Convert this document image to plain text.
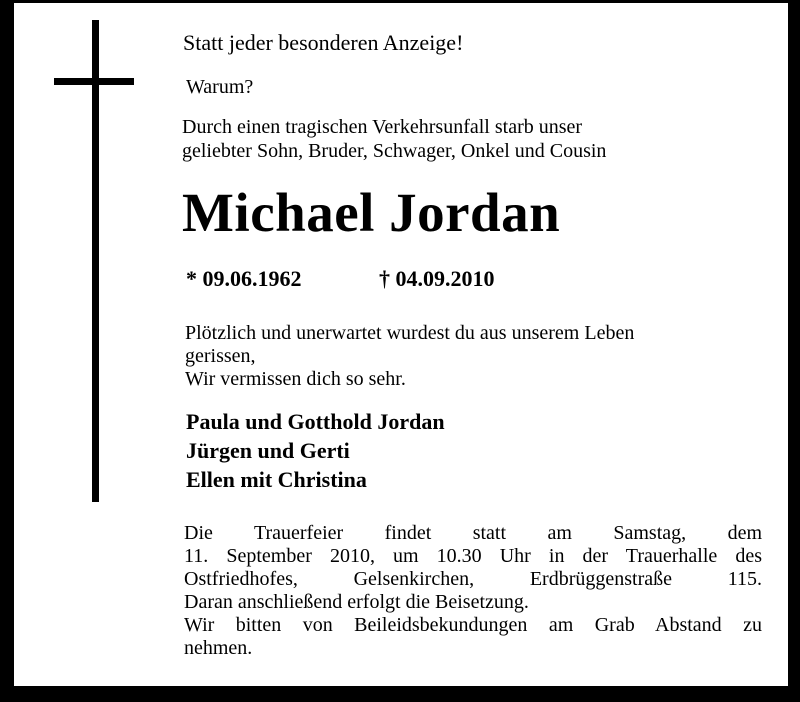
Statt jeder besonderen Anzeige!

Warum?

Durch einen tragischen Verkehrsunfall starb unser
geliebter Sohn, Bruder, Schwager, Onkel und Cousin

Michael Jordan

* 09.06.1962	† 04.09.2010

Plötzlich und unerwartet wurdest du aus unserem Leben
gerissen,
Wir vermissen dich so sehr.

Paula und Gotthold Jordan
Jürgen und Gerti
Ellen mit Christina

Die Trauerfeier findet statt am Samstag, dem
11. September 2010, um 10.30 Uhr in der Trauerhalle des
Ostfriedhofes, Gelsenkirchen, Erdbrüggenstraße 115.
Daran anschließend erfolgt die Beisetzung.
Wir bitten von Beileidsbekundungen am Grab Abstand zu
nehmen.
